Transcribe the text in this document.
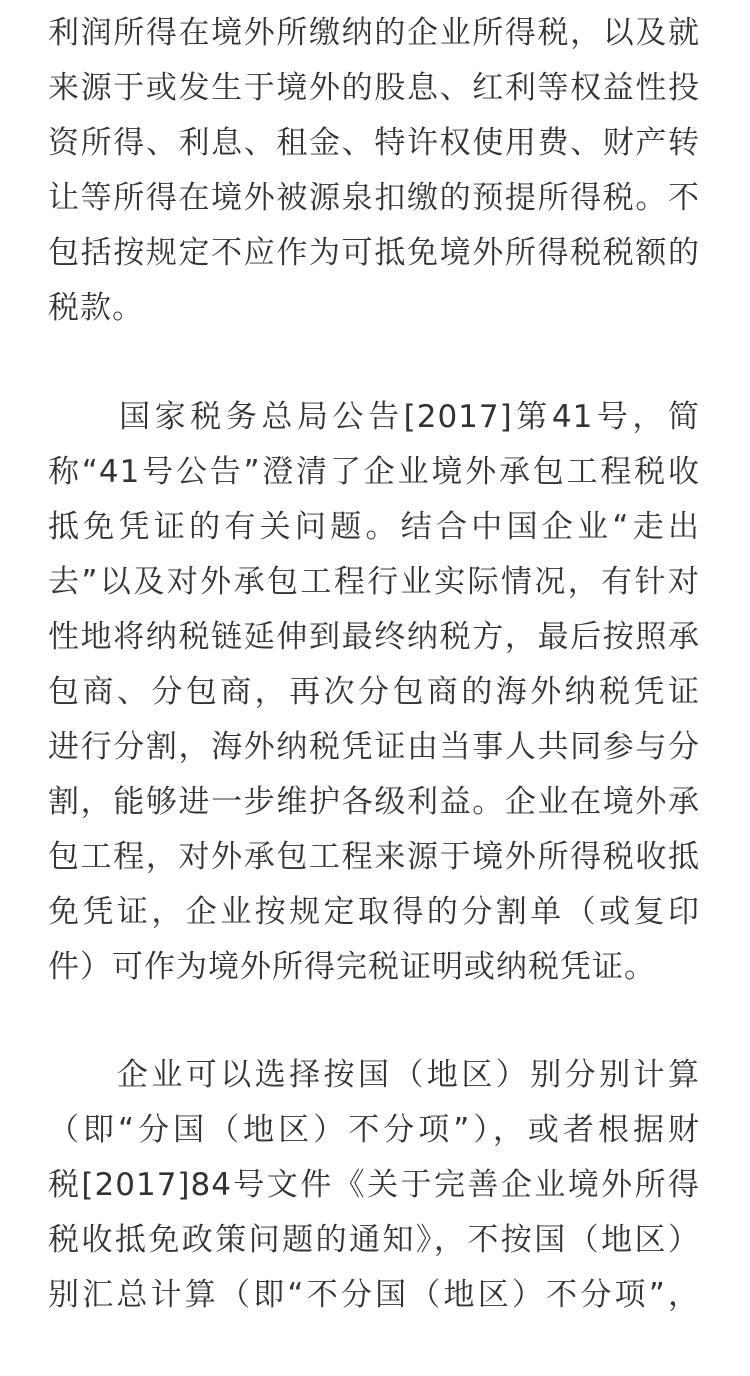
利润所得在境外所缴纳的企业所得税，以及就
来源于或发生于境外的股息、红利等权益性投
资所得、利息、租金、特许权使用费、财产转
让等所得在境外被源泉扣缴的预提所得税。不
包括按规定不应作为可抵免境外所得税税额的
税款。
　　国家税务总局公告[2017]第41号，简
称“41号公告”澄清了企业境外承包工程税收
抵免凭证的有关问题。结合中国企业“走出
去”以及对外承包工程行业实际情况，有针对
性地将纳税链延伸到最终纳税方，最后按照承
包商、分包商，再次分包商的海外纳税凭证
进行分割，海外纳税凭证由当事人共同参与分
割，能够进一步维护各级利益。企业在境外承
包工程，对外承包工程来源于境外所得税收抵
免凭证，企业按规定取得的分割单（或复印
件）可作为境外所得完税证明或纳税凭证。
　　企业可以选择按国（地区）别分别计算
（即“分国（地区）不分项”），或者根据财
税[2017]84号文件《关于完善企业境外所得
税收抵免政策问题的通知》，不按国（地区）
别汇总计算（即“不分国（地区）不分项”，
